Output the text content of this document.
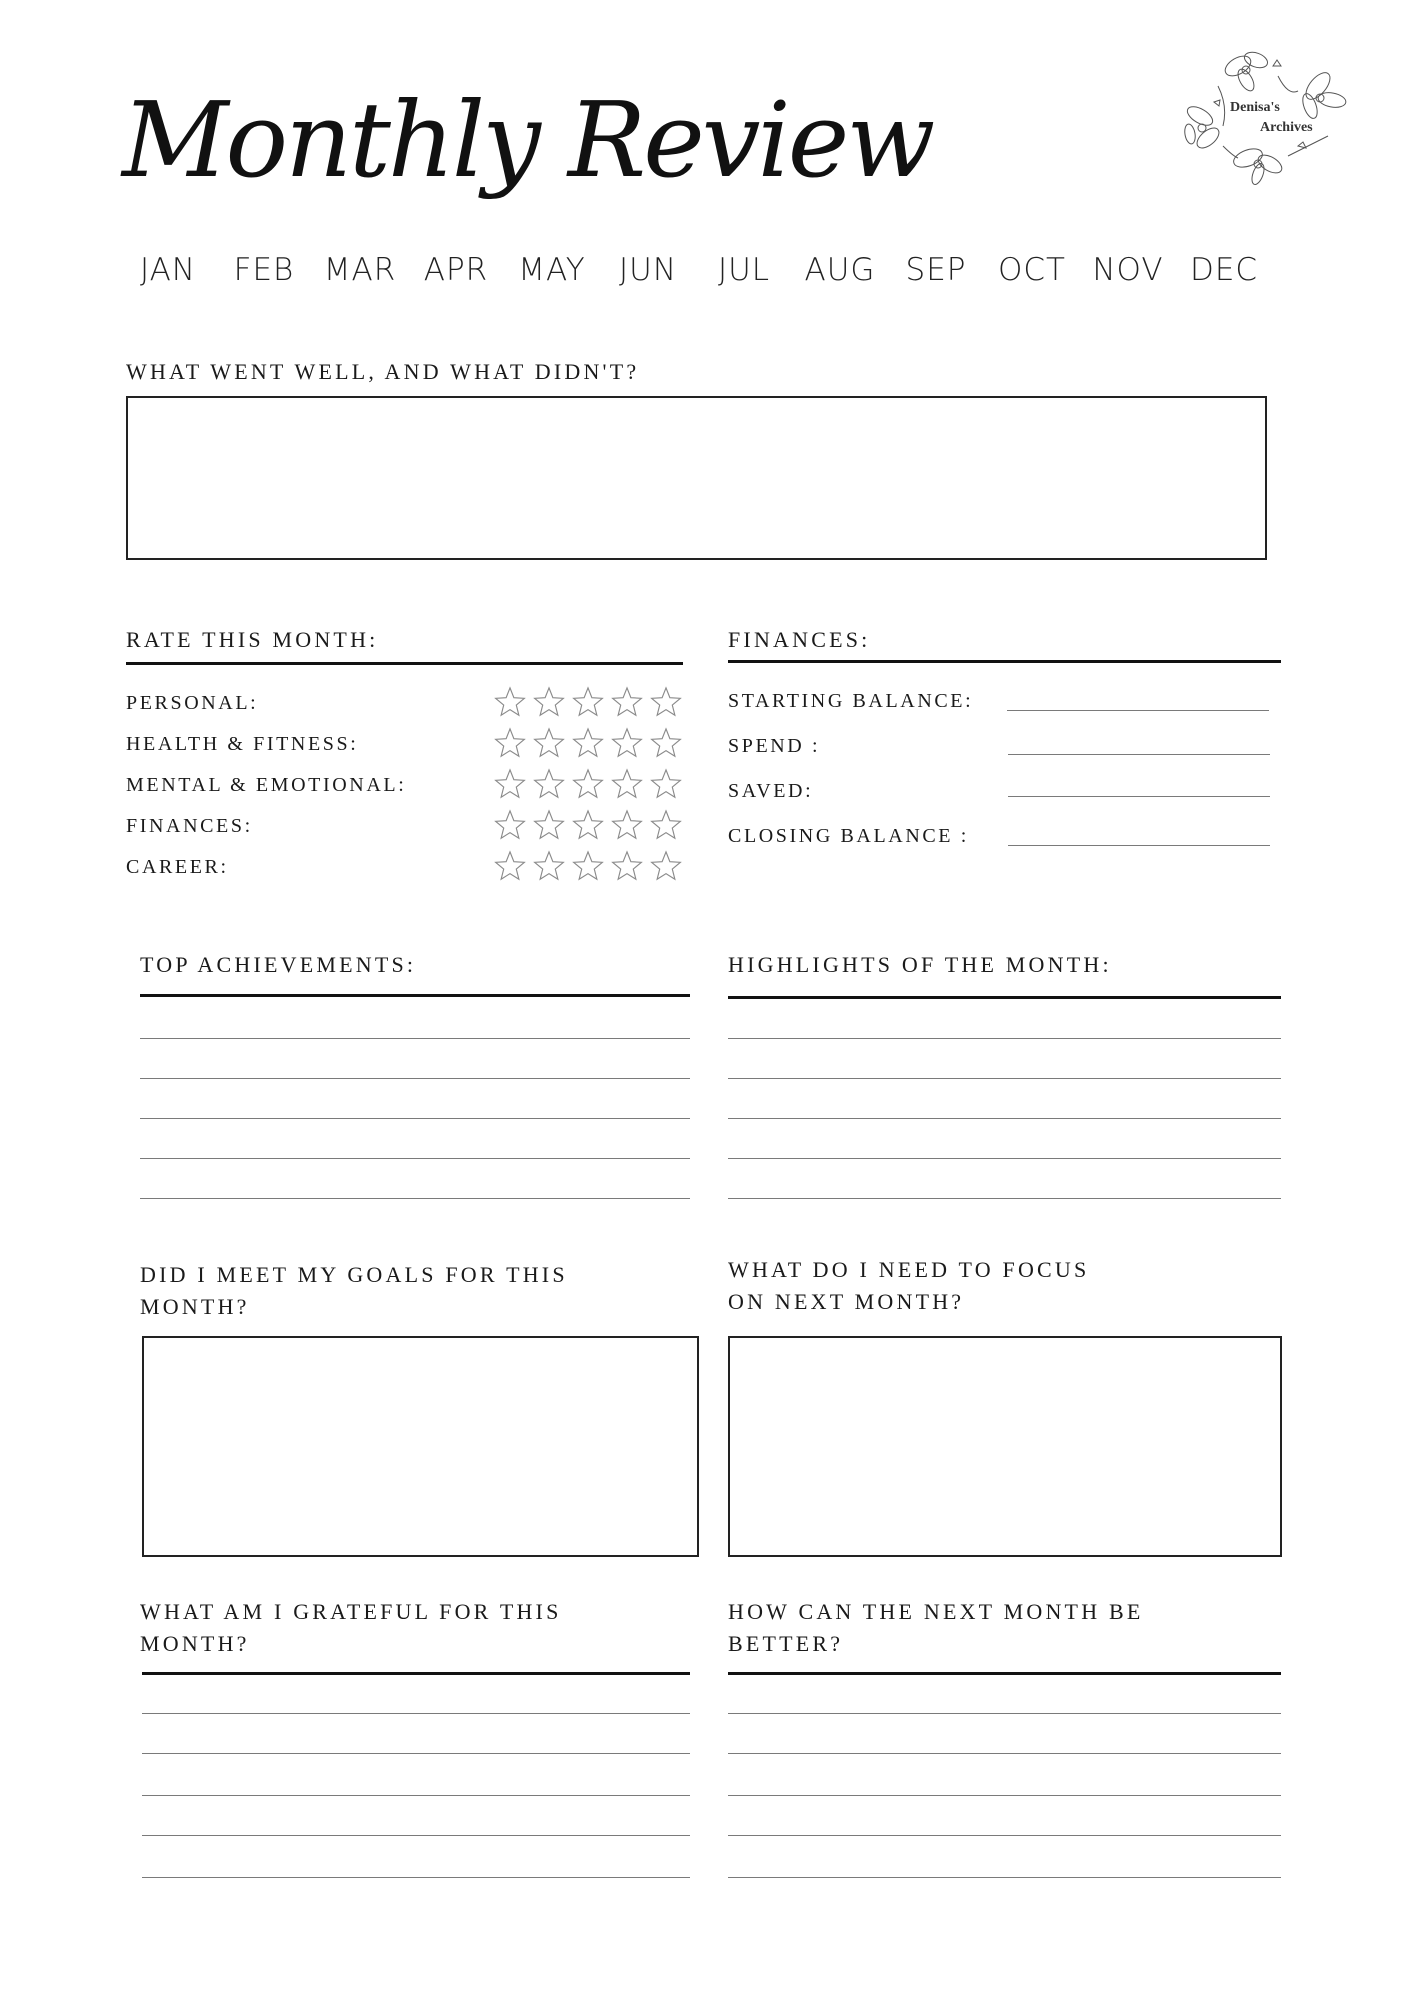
Monthly Review	Denisa's
Archives
JAN FEB MAR APR MAY JUN JUL AUG SEP OCT NOV DEC
WHAT WENT WELL, AND WHAT DIDN'T?
RATE THIS MONTH:
PERSONAL:
HEALTH & FITNESS:
MENTAL & EMOTIONAL:
FINANCES:
CAREER:
FINANCES:
STARTING BALANCE:
SPEND :
SAVED:
CLOSING BALANCE :
TOP ACHIEVEMENTS:	HIGHLIGHTS OF THE MONTH:
DID I MEET MY GOALS FOR THIS
MONTH?
WHAT DO I NEED TO FOCUS
ON NEXT MONTH?
WHAT AM I GRATEFUL FOR THIS
MONTH?
HOW CAN THE NEXT MONTH BE
BETTER?
